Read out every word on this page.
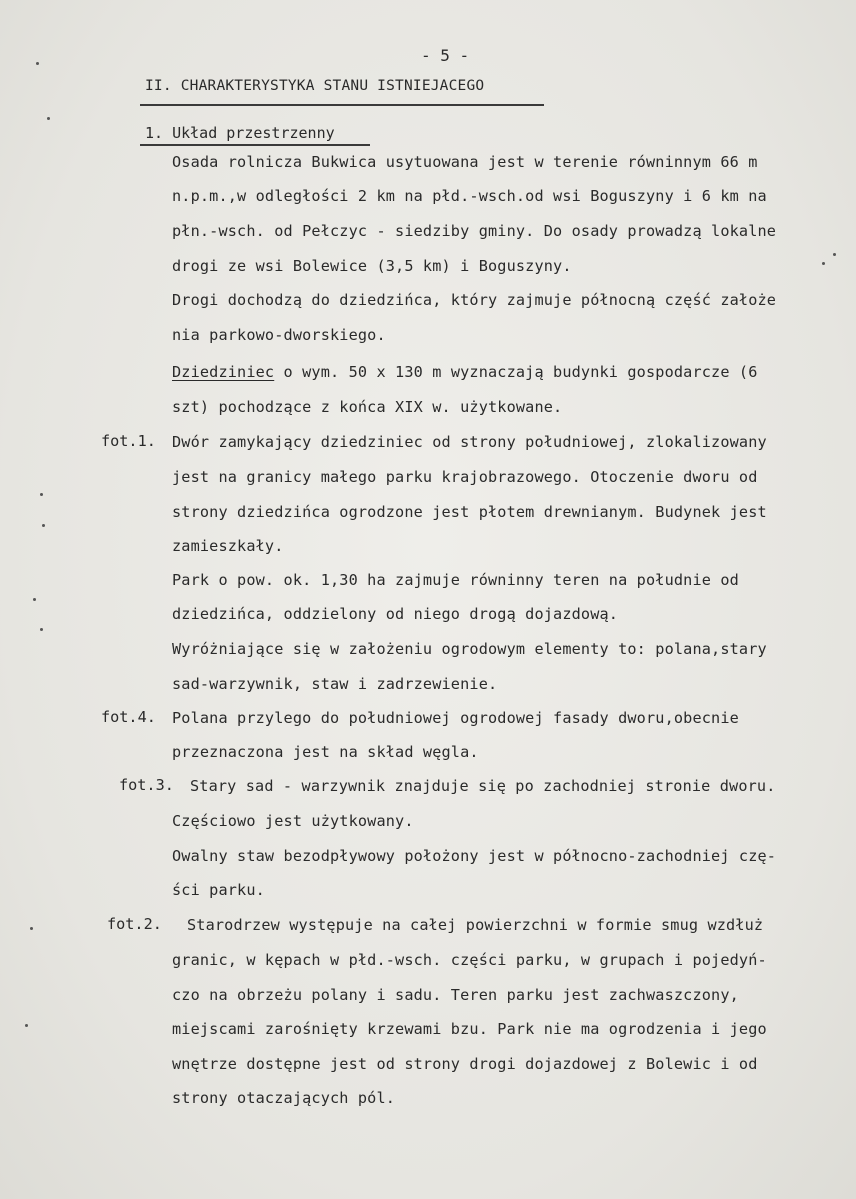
- 5 -
II. CHARAKTERYSTYKA STANU ISTNIEJACEGO
1. Układ przestrzenny
Osada rolnicza Bukwica usytuowana jest w terenie równinnym 66 m
n.p.m.,w odległości 2 km na płd.-wsch.od wsi Boguszyny i 6 km na
płn.-wsch. od Pełczyc - siedziby gminy. Do osady prowadzą lokalne
drogi ze wsi Bolewice (3,5 km) i Boguszyny.
Drogi dochodzą do dziedzińca, który zajmuje północną część założe
nia parkowo-dworskiego.
Dziedziniec o wym. 50 x 130 m wyznaczają budynki gospodarcze (6
szt) pochodzące z końca XIX w. użytkowane.
fot.1. Dwór zamykający dziedziniec od strony południowej, zlokalizowany
jest na granicy małego parku krajobrazowego. Otoczenie dworu od
strony dziedzińca ogrodzone jest płotem drewnianym. Budynek jest
zamieszkały.
Park o pow. ok. 1,30 ha zajmuje równinny teren na południe od
dziedzińca, oddzielony od niego drogą dojazdową.
Wyróżniające się w założeniu ogrodowym elementy to: polana,stary
sad-warzywnik, staw i zadrzewienie.
fot.4. Polana przylego do południowej ogrodowej fasady dworu,obecnie
przeznaczona jest na skład węgla.
fot.3. Stary sad - warzywnik znajduje się po zachodniej stronie dworu.
Częściowo jest użytkowany.
Owalny staw bezodpływowy położony jest w północno-zachodniej czę-
ści parku.
fot.2. Starodrzew występuje na całej powierzchni w formie smug wzdłuż
granic, w kępach w płd.-wsch. części parku, w grupach i pojedyń-
czo na obrzeżu polany i sadu. Teren parku jest zachwaszczony,
miejscami zarośnięty krzewami bzu. Park nie ma ogrodzenia i jego
wnętrze dostępne jest od strony drogi dojazdowej z Bolewic i od
strony otaczających pól.
